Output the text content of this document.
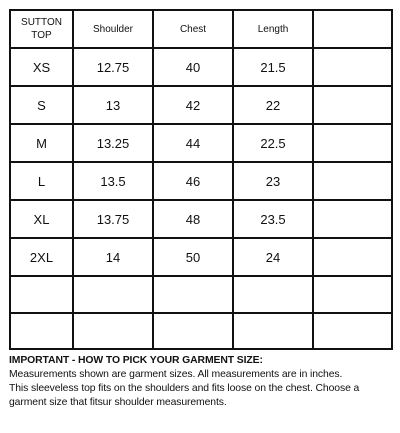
SUTTON
TOP	Shoulder	Chest	Length	
XS	12.75	40	21.5	
S	13	42	22	
M	13.25	44	22.5	
L	13.5	46	23	
XL	13.75	48	23.5	
2XL	14	50	24	

IMPORTANT - HOW TO PICK YOUR GARMENT SIZE:
Measurements shown are garment sizes. All measurements are in inches.
This sleeveless top fits on the shoulders and fits loose on the chest. Choose a
garment size that fitsur shoulder measurements.
